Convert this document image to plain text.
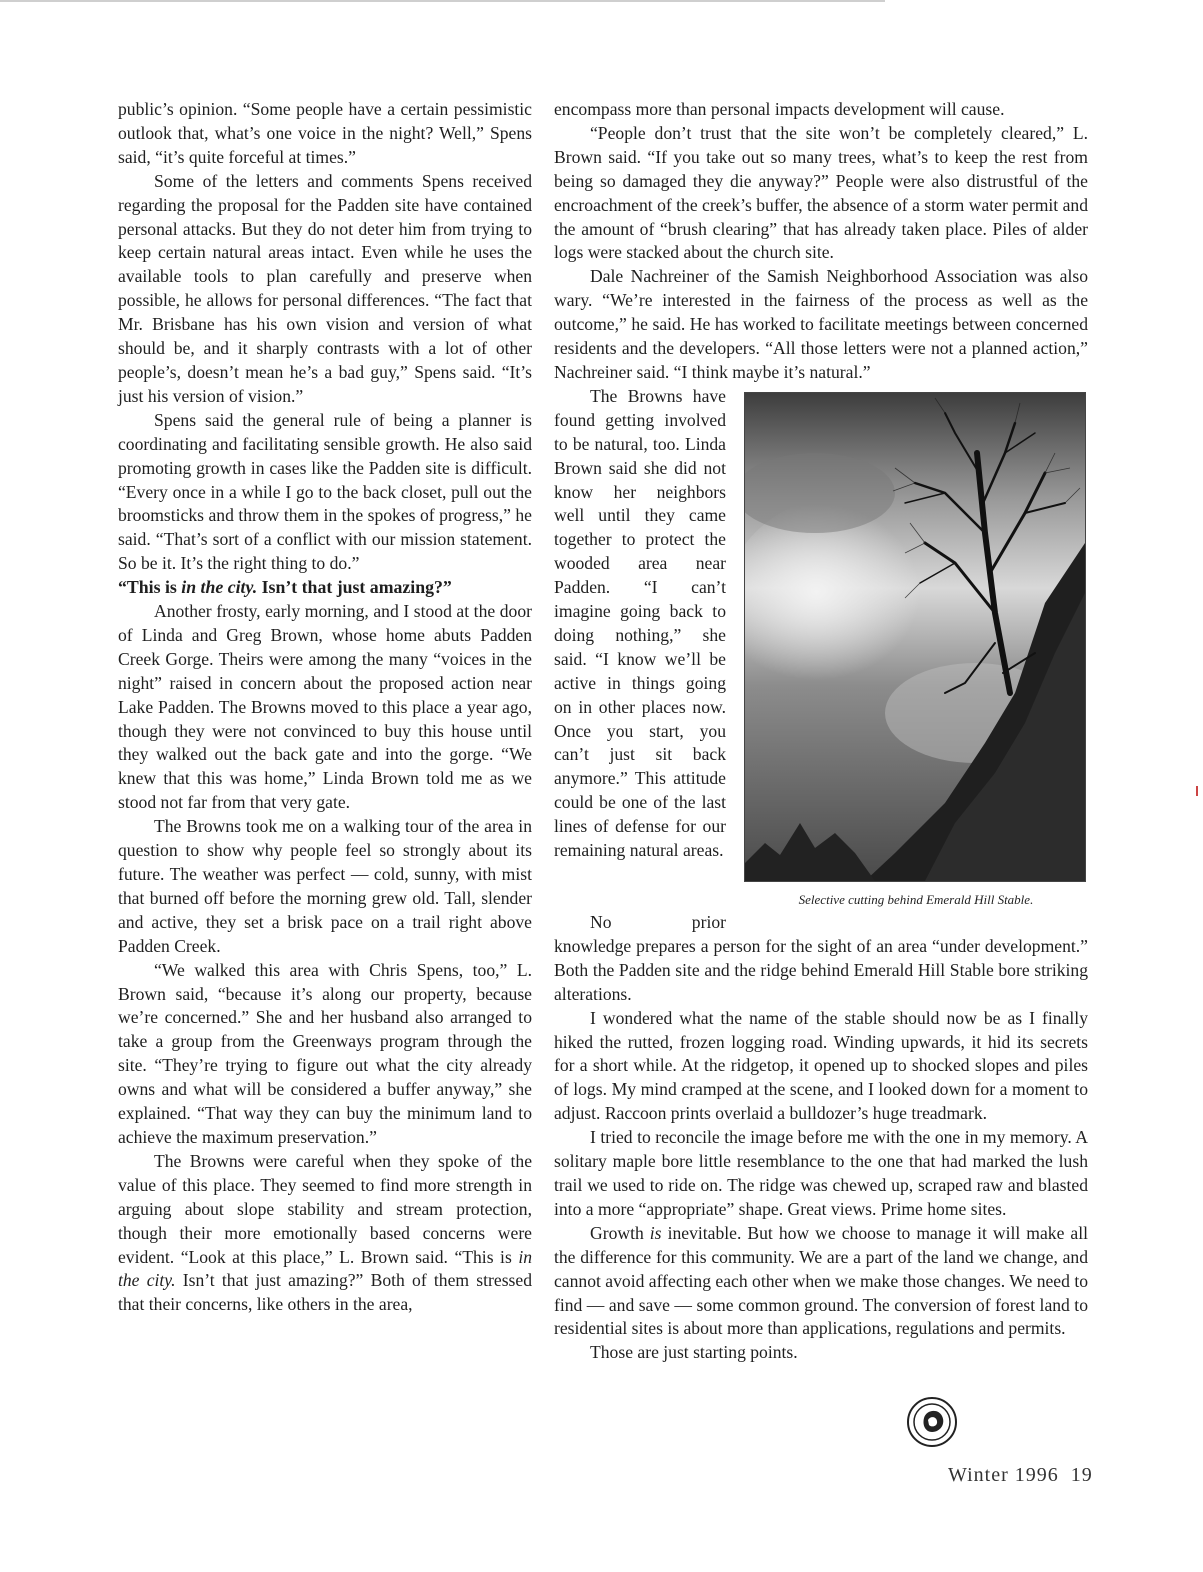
public’s opinion. “Some people have a certain pessimistic outlook that, what’s one voice in the night? Well,” Spens said, “it’s quite forceful at times.”

Some of the letters and comments Spens received regarding the proposal for the Padden site have contained personal attacks. But they do not deter him from trying to keep certain natural areas intact. Even while he uses the available tools to plan carefully and preserve when possible, he allows for personal differences. “The fact that Mr. Brisbane has his own vision and version of what should be, and it sharply contrasts with a lot of other people’s, doesn’t mean he’s a bad guy,” Spens said. “It’s just his version of vision.”

Spens said the general rule of being a planner is coordinating and facilitating sensible growth. He also said promoting growth in cases like the Padden site is difficult. “Every once in a while I go to the back closet, pull out the broomsticks and throw them in the spokes of progress,” he said. “That’s sort of a conflict with our mission statement. So be it. It’s the right thing to do.”

“This is in the city. Isn’t that just amazing?”

Another frosty, early morning, and I stood at the door of Linda and Greg Brown, whose home abuts Padden Creek Gorge. Theirs were among the many “voices in the night” raised in concern about the proposed action near Lake Padden. The Browns moved to this place a year ago, though they were not convinced to buy this house until they walked out the back gate and into the gorge. “We knew that this was home,” Linda Brown told me as we stood not far from that very gate.

The Browns took me on a walking tour of the area in question to show why people feel so strongly about its future. The weather was perfect — cold, sunny, with mist that burned off before the morning grew old. Tall, slender and active, they set a brisk pace on a trail right above Padden Creek.

“We walked this area with Chris Spens, too,” L. Brown said, “because it’s along our property, because we’re concerned.” She and her husband also arranged to take a group from the Greenways program through the site. “They’re trying to figure out what the city already owns and what will be considered a buffer anyway,” she explained. “That way they can buy the minimum land to achieve the maximum preservation.”

The Browns were careful when they spoke of the value of this place. They seemed to find more strength in arguing about slope stability and stream protection, though their more emotionally based concerns were evident. “Look at this place,” L. Brown said. “This is in the city. Isn’t that just amazing?” Both of them stressed that their concerns, like others in the area,

encompass more than personal impacts development will cause.

“People don’t trust that the site won’t be completely cleared,” L. Brown said. “If you take out so many trees, what’s to keep the rest from being so damaged they die anyway?” People were also distrustful of the encroachment of the creek’s buffer, the absence of a storm water permit and the amount of “brush clearing” that has already taken place. Piles of alder logs were stacked about the church site.

Dale Nachreiner of the Samish Neighborhood Association was also wary. “We’re interested in the fairness of the process as well as the outcome,” he said. He has worked to facilitate meetings between concerned residents and the developers. “All those letters were not a planned action,” Nachreiner said. “I think maybe it’s natural.”

Selective cutting behind Emerald Hill Stable.

The Browns have found getting involved to be natural, too. Linda Brown said she did not know her neighbors well until they came together to protect the wooded area near Padden. “I can’t imagine going back to doing nothing,” she said. “I know we’ll be active in things going on in other places now. Once you start, you can’t just sit back anymore.” This attitude could be one of the last lines of defense for our remaining natural areas.

No prior knowledge prepares a person for the sight of an area “under development.” Both the Padden site and the ridge behind Emerald Hill Stable bore striking alterations.

I wondered what the name of the stable should now be as I finally hiked the rutted, frozen logging road. Winding upwards, it hid its secrets for a short while. At the ridgetop, it opened up to shocked slopes and piles of logs. My mind cramped at the scene, and I looked down for a moment to adjust. Raccoon prints overlaid a bulldozer’s huge treadmark.

I tried to reconcile the image before me with the one in my memory. A solitary maple bore little resemblance to the one that had marked the lush trail we used to ride on. The ridge was chewed up, scraped raw and blasted into a more “appropriate” shape. Great views. Prime home sites.

Growth is inevitable. But how we choose to manage it will make all the difference for this community. We are a part of the land we change, and cannot avoid affecting each other when we make those changes. We need to find — and save — some common ground. The conversion of forest land to residential sites is about more than applications, regulations and permits.

Those are just starting points.

Winter 1996 19
